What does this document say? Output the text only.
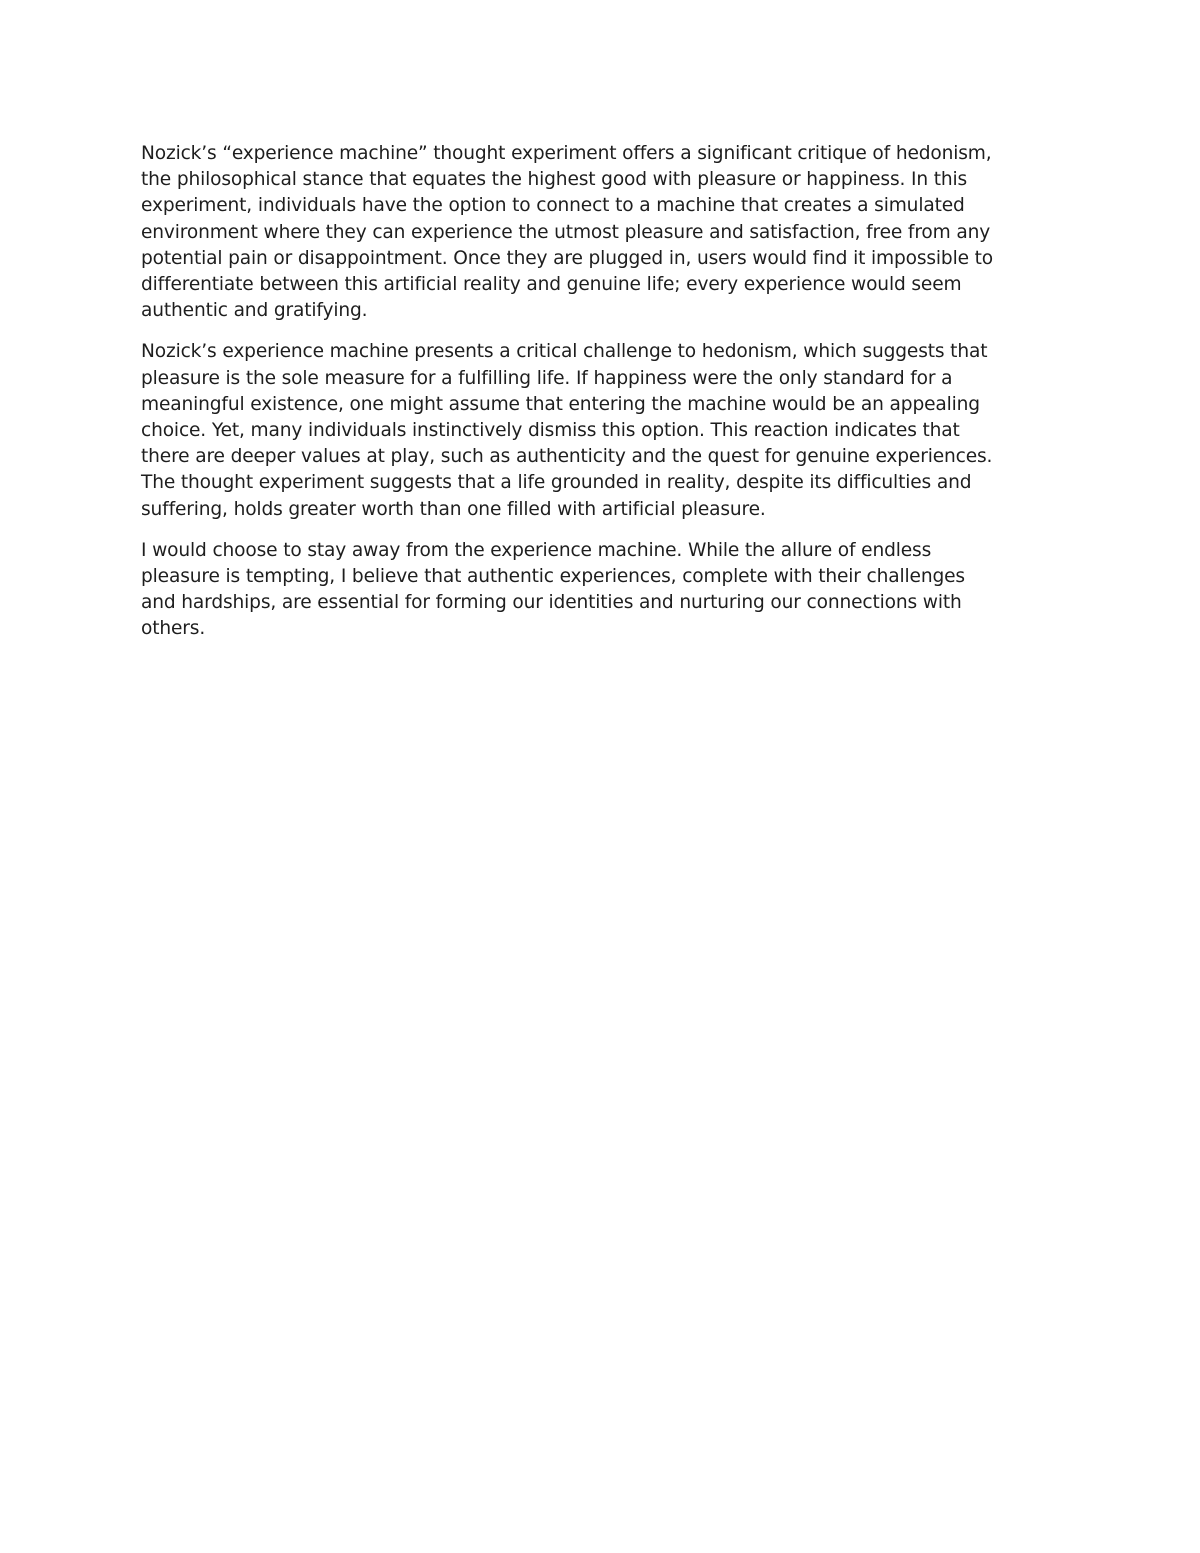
Nozick’s “experience machine” thought experiment offers a significant critique of hedonism,
the philosophical stance that equates the highest good with pleasure or happiness. In this
experiment, individuals have the option to connect to a machine that creates a simulated
environment where they can experience the utmost pleasure and satisfaction, free from any
potential pain or disappointment. Once they are plugged in, users would find it impossible to
differentiate between this artificial reality and genuine life; every experience would seem
authentic and gratifying.

Nozick’s experience machine presents a critical challenge to hedonism, which suggests that
pleasure is the sole measure for a fulfilling life. If happiness were the only standard for a
meaningful existence, one might assume that entering the machine would be an appealing
choice. Yet, many individuals instinctively dismiss this option. This reaction indicates that
there are deeper values at play, such as authenticity and the quest for genuine experiences.
The thought experiment suggests that a life grounded in reality, despite its difficulties and
suffering, holds greater worth than one filled with artificial pleasure.

I would choose to stay away from the experience machine. While the allure of endless
pleasure is tempting, I believe that authentic experiences, complete with their challenges
and hardships, are essential for forming our identities and nurturing our connections with
others.
